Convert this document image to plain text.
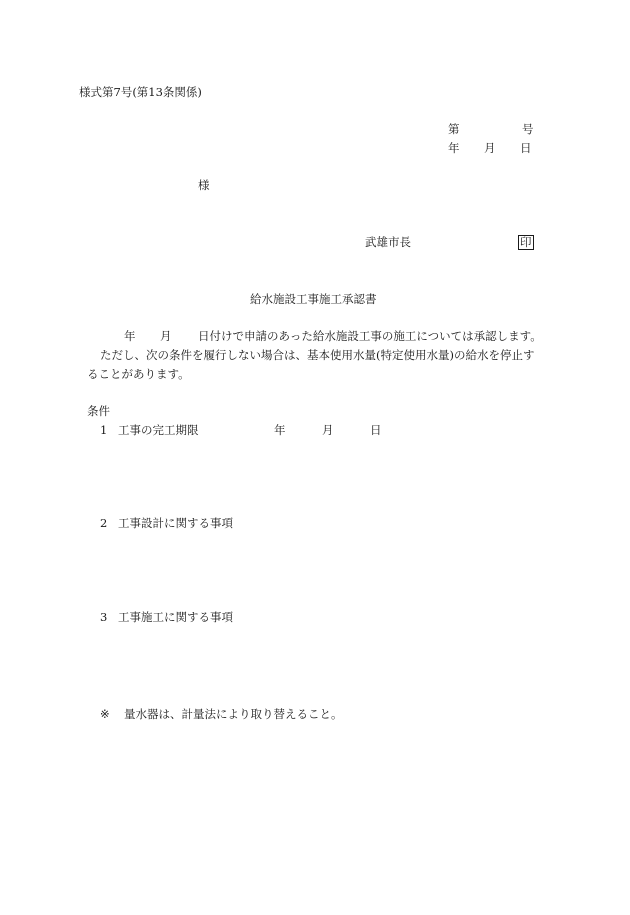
様式第7号(第13条関係)
第	号
年 月 日
様
武雄市長	印
給水施設工事施工承認書
年 月 日付けで申請のあった給水施設工事の施工については承認します。
ただし、次の条件を履行しない場合は、基本使用水量(特定使用水量)の給水を停止す
ることがあります。
条件
1 工事の完工期限	年	月	日
2 工事設計に関する事項
3 工事施工に関する事項
※ 量水器は、計量法により取り替えること。
